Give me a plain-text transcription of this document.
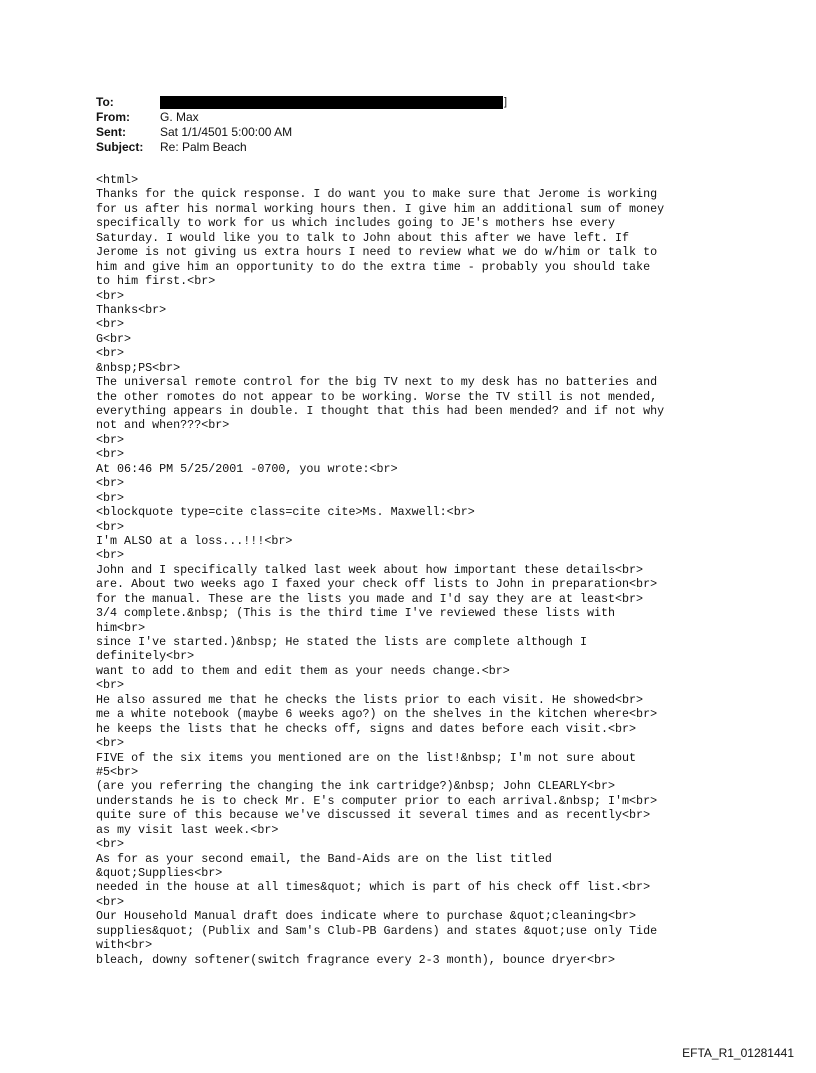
To:	]
From:	G. Max
Sent:	Sat 1/1/4501 5:00:00 AM
Subject:	Re: Palm Beach
<html>
Thanks for the quick response. I do want you to make sure that Jerome is working
for us after his normal working hours then. I give him an additional sum of money
specifically to work for us which includes going to JE's mothers hse every
Saturday. I would like you to talk to John about this after we have left. If
Jerome is not giving us extra hours I need to review what we do w/him or talk to
him and give him an opportunity to do the extra time - probably you should take
to him first.<br>
<br>
Thanks<br>
<br>
G<br>
<br>
&nbsp;PS<br>
The universal remote control for the big TV next to my desk has no batteries and
the other romotes do not appear to be working. Worse the TV still is not mended,
everything appears in double. I thought that this had been mended? and if not why
not and when???<br>
<br>
<br>
At 06:46 PM 5/25/2001 -0700, you wrote:<br>
<br>
<br>
<blockquote type=cite class=cite cite>Ms. Maxwell:<br>
<br>
I'm ALSO at a loss...!!!<br>
<br>
John and I specifically talked last week about how important these details<br>
are. About two weeks ago I faxed your check off lists to John in preparation<br>
for the manual. These are the lists you made and I'd say they are at least<br>
3/4 complete.&nbsp; (This is the third time I've reviewed these lists with
him<br>
since I've started.)&nbsp; He stated the lists are complete although I
definitely<br>
want to add to them and edit them as your needs change.<br>
<br>
He also assured me that he checks the lists prior to each visit. He showed<br>
me a white notebook (maybe 6 weeks ago?) on the shelves in the kitchen where<br>
he keeps the lists that he checks off, signs and dates before each visit.<br>
<br>
FIVE of the six items you mentioned are on the list!&nbsp; I'm not sure about
#5<br>
(are you referring the changing the ink cartridge?)&nbsp; John CLEARLY<br>
understands he is to check Mr. E's computer prior to each arrival.&nbsp; I'm<br>
quite sure of this because we've discussed it several times and as recently<br>
as my visit last week.<br>
<br>
As for as your second email, the Band-Aids are on the list titled
&quot;Supplies<br>
needed in the house at all times&quot; which is part of his check off list.<br>
<br>
Our Household Manual draft does indicate where to purchase &quot;cleaning<br>
supplies&quot; (Publix and Sam's Club-PB Gardens) and states &quot;use only Tide
with<br>
bleach, downy softener(switch fragrance every 2-3 month), bounce dryer<br>
EFTA_R1_01281441
